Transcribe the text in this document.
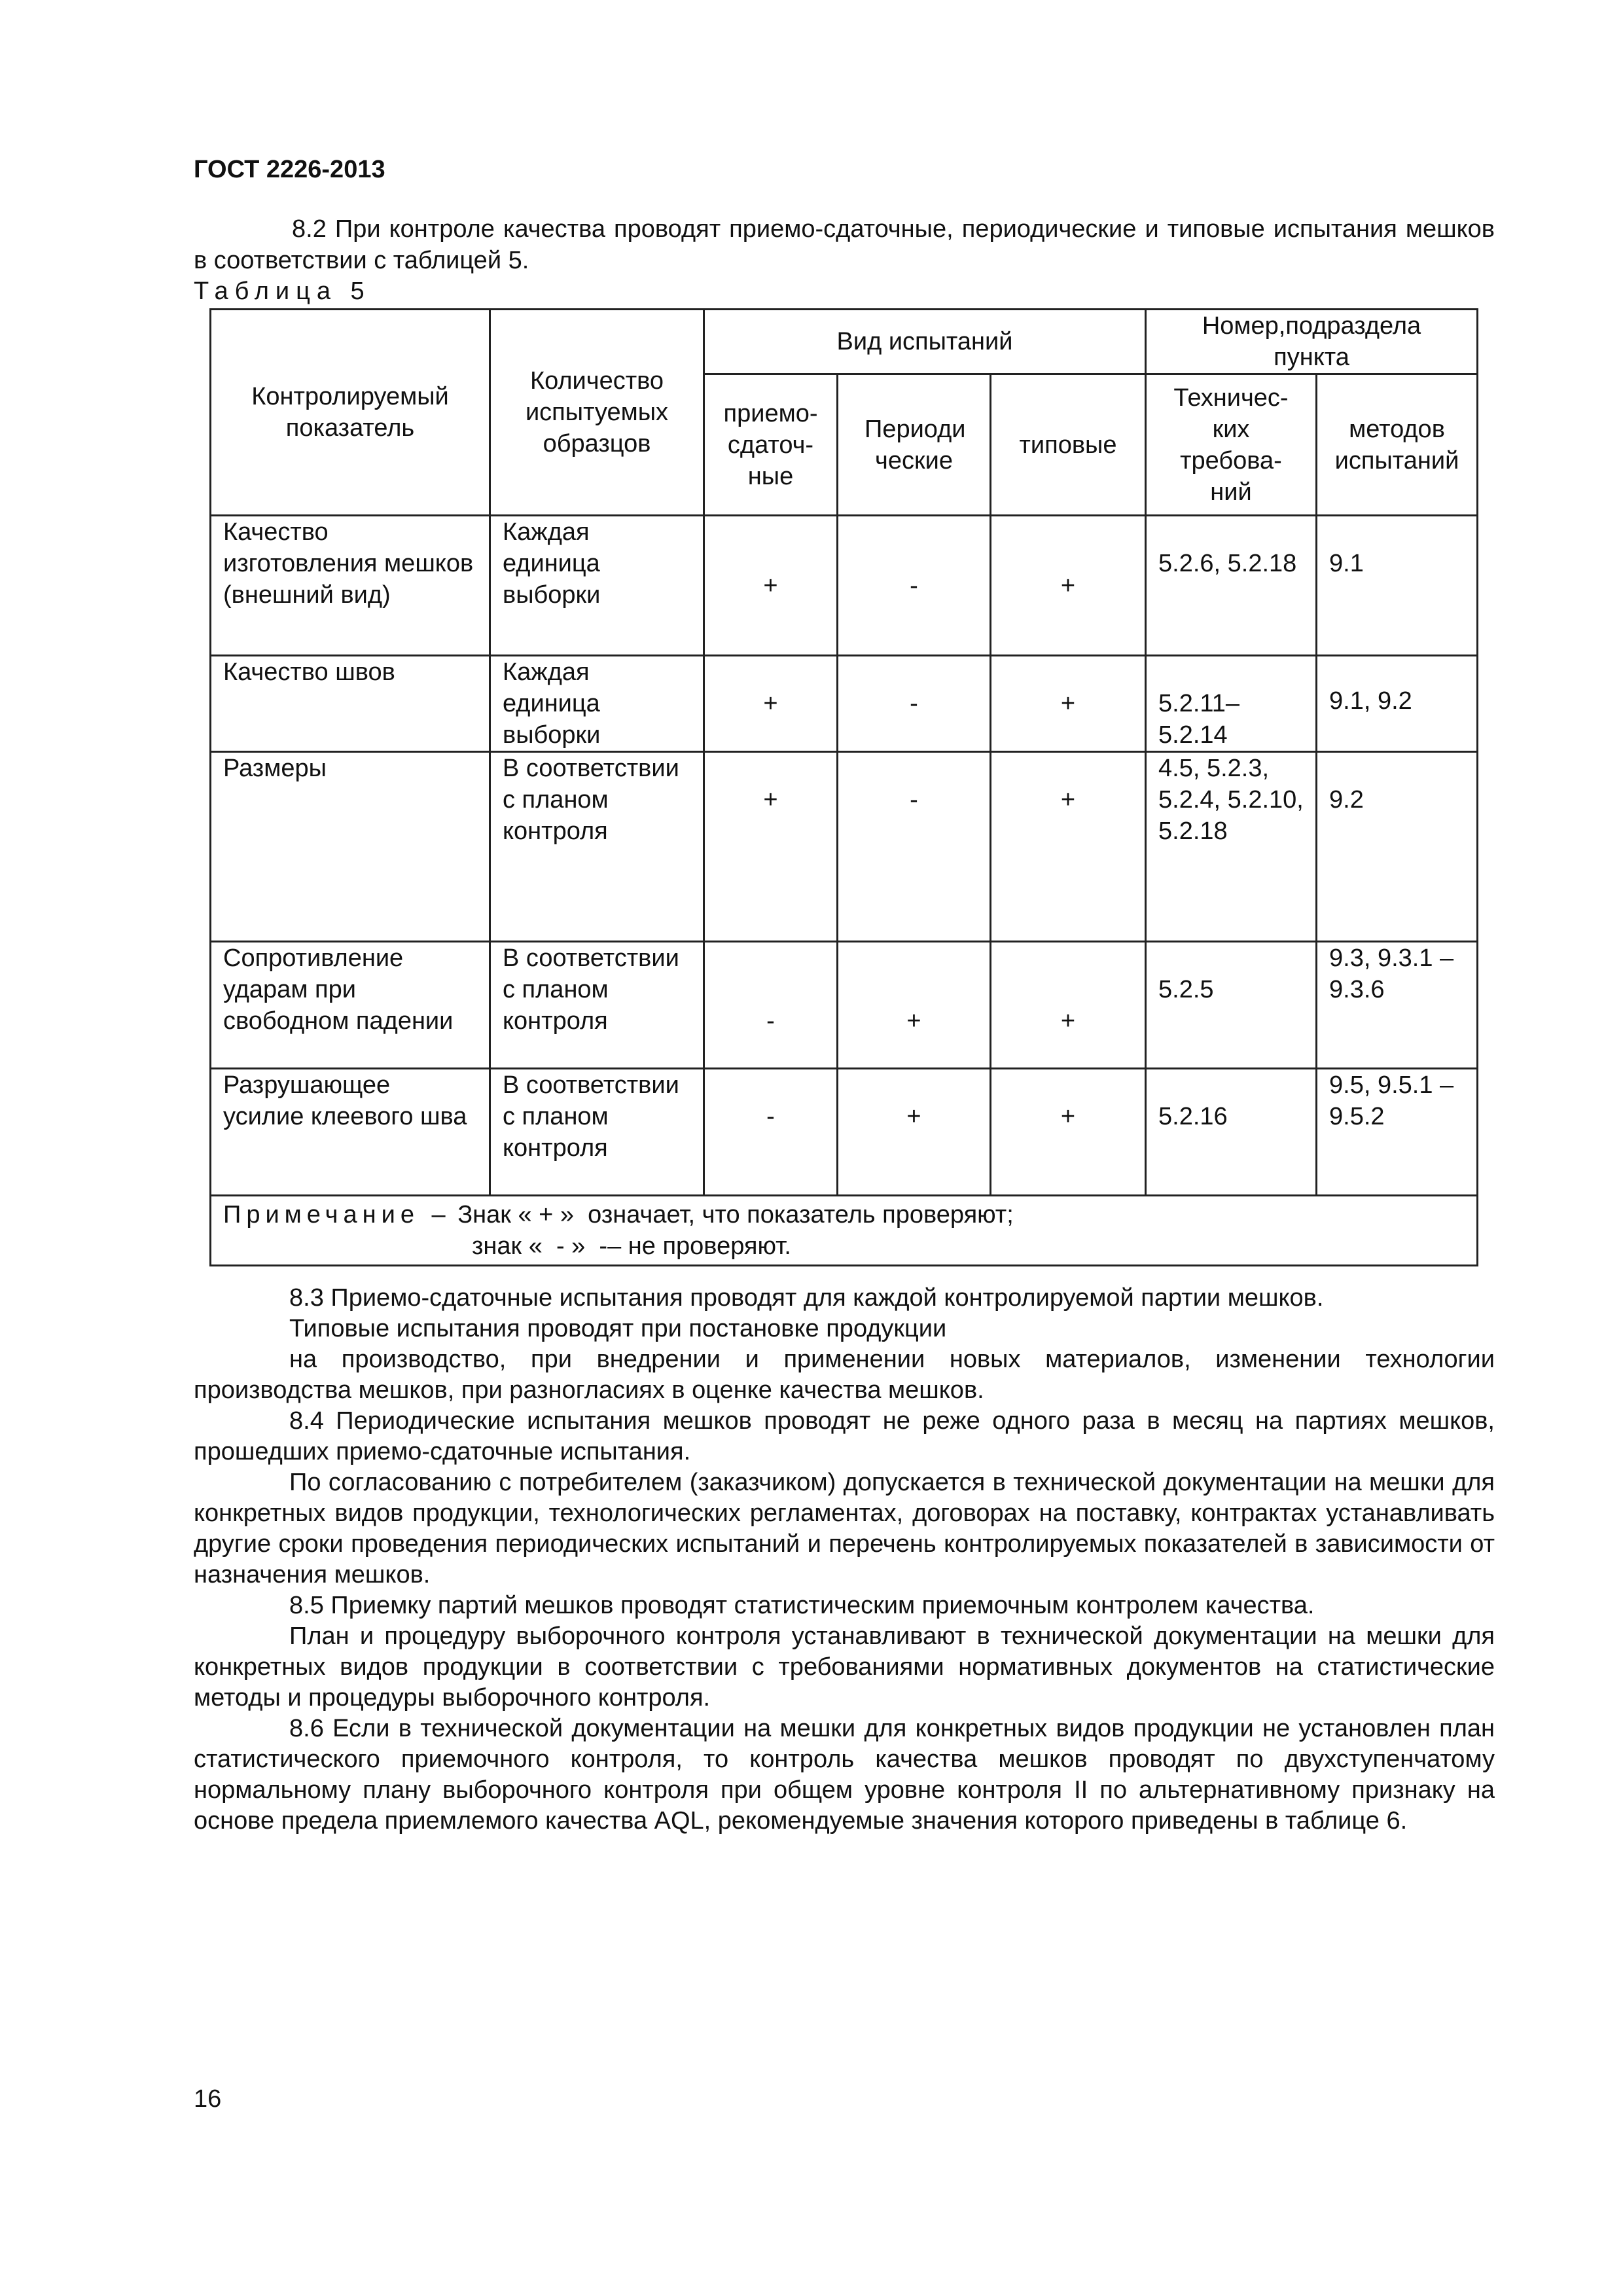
ГОСТ 2226-2013

8.2 При контроле качества проводят приемо-сдаточные, периодические и типовые испытания мешков в соответствии с таблицей 5.

Таблица 5
Контролируемый показатель	Количество испытуемых образцов	Вид испытаний			Номер,подраздела пункта	
		приемо-сдаточ-ные	Периоди ческие	типовые	Техничес-ких требова-ний	методов испытаний
Качество изготовления мешков (внешний вид)	Каждая единица выборки	+	-	+	5.2.6, 5.2.18	9.1
Качество швов	Каждая единица выборки	+	-	+	5.2.11– 5.2.14	9.1, 9.2
Размеры	В соответствии с планом контроля	+	-	+	4.5, 5.2.3, 5.2.4, 5.2.10, 5.2.18	9.2
Сопротивление ударам при свободном падении	В соответствии с планом контроля	-	+	+	5.2.5	9.3, 9.3.1 – 9.3.6
Разрушающее усилие клеевого шва	В соответствии с планом контроля	-	+	+	5.2.16	9.5, 9.5.1 – 9.5.2

Примечание – Знак « + »  означает, что показатель проверяют;
знак «  - »  -– не проверяют.						

8.3 Приемо-сдаточные испытания проводят для каждой контролируемой партии мешков.

Типовые испытания проводят при постановке продукции

на производство, при внедрении и применении новых материалов, изменении технологии производства мешков, при разногласиях в оценке качества мешков.

8.4 Периодические испытания мешков проводят не реже одного раза в месяц на партиях мешков, прошедших приемо-сдаточные испытания.

По согласованию с потребителем (заказчиком) допускается в технической документации на мешки для конкретных видов продукции, технологических регламентах, договорах на поставку, контрактах устанавливать другие сроки проведения периодических испытаний и перечень контролируемых показателей в зависимости от назначения мешков.

8.5 Приемку партий мешков проводят статистическим приемочным контролем качества.

План и процедуру выборочного контроля устанавливают в технической документации на мешки для конкретных видов продукции в соответствии с требованиями нормативных документов на статистические методы и процедуры выборочного контроля.

8.6 Если в технической документации на мешки для конкретных видов продукции не установлен план статистического приемочного контроля, то контроль качества мешков проводят по двухступенчатому нормальному плану выборочного контроля при общем уровне контроля II по альтернативному признаку на основе предела приемлемого качества AQL, рекомендуемые значения которого приведены в таблице 6.

16
